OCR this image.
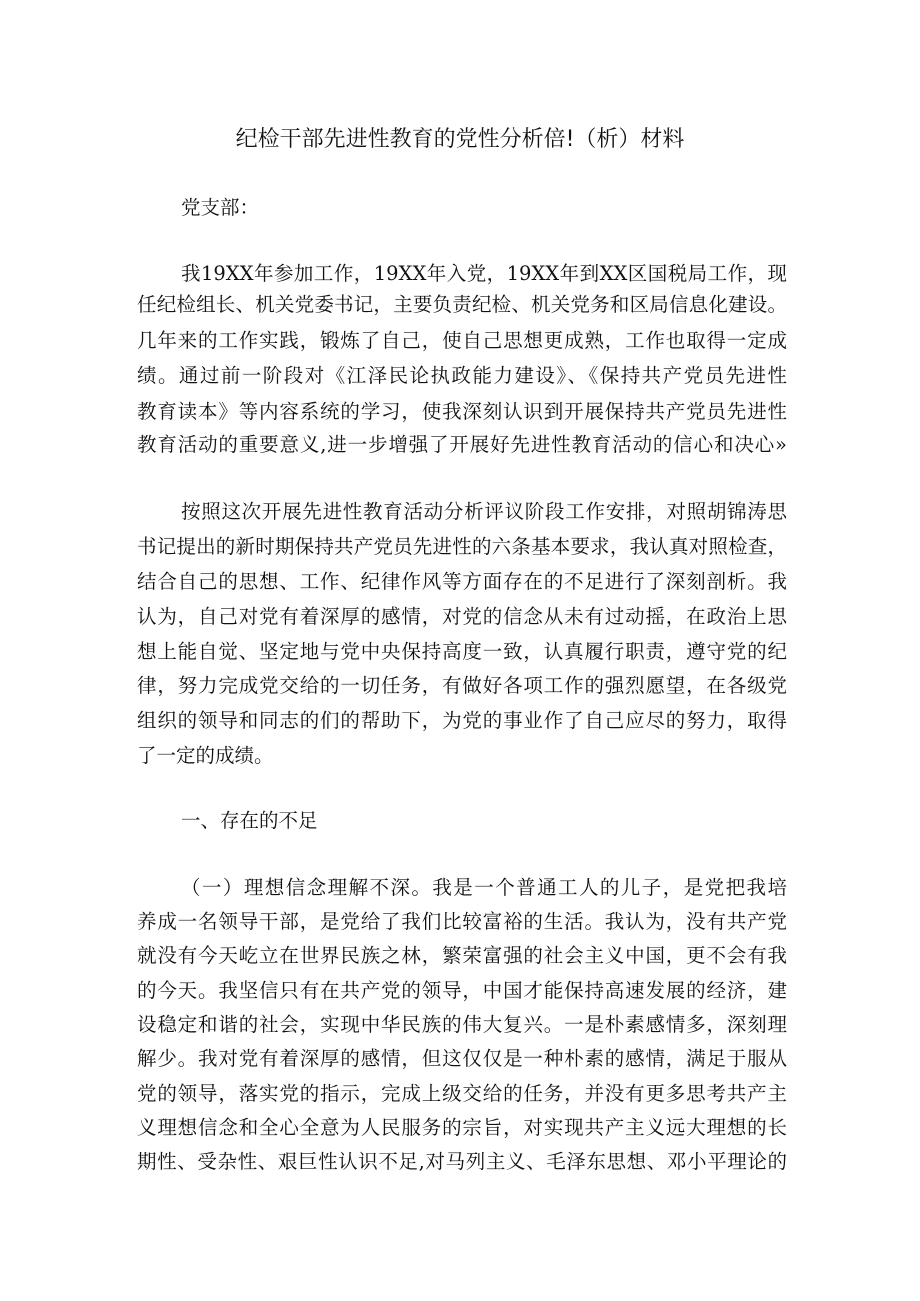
纪检干部先进性教育的党性分析倍!（析）材料
党支部：
我19XX年参加工作，19XX年入党，19XX年到XX区国税局工作，现
任纪检组长、机关党委书记，主要负责纪检、机关党务和区局信息化建设。
几年来的工作实践，锻炼了自己，使自己思想更成熟，工作也取得一定成
绩。通过前一阶段对《江泽民论执政能力建设》、《保持共产党员先进性
教育读本》等内容系统的学习，使我深刻认识到开展保持共产党员先进性
教育活动的重要意义,进一步增强了开展好先进性教育活动的信心和决心»
按照这次开展先进性教育活动分析评议阶段工作安排，对照胡锦涛思
书记提出的新时期保持共产党员先进性的六条基本要求，我认真对照检查，
结合自己的思想、工作、纪律作风等方面存在的不足进行了深刻剖析。我
认为，自己对党有着深厚的感情，对党的信念从未有过动摇，在政治上思
想上能自觉、坚定地与党中央保持高度一致，认真履行职责，遵守党的纪
律，努力完成党交给的一切任务，有做好各项工作的强烈愿望，在各级党
组织的领导和同志的们的帮助下，为党的事业作了自己应尽的努力，取得
了一定的成绩。
一、存在的不足
（一）理想信念理解不深。我是一个普通工人的儿子，是党把我培
养成一名领导干部，是党给了我们比较富裕的生活。我认为，没有共产党
就没有今天屹立在世界民族之林，繁荣富强的社会主义中国，更不会有我
的今天。我坚信只有在共产党的领导，中国才能保持高速发展的经济，建
设稳定和谐的社会，实现中华民族的伟大复兴。一是朴素感情多，深刻理
解少。我对党有着深厚的感情，但这仅仅是一种朴素的感情，满足于服从
党的领导，落实党的指示，完成上级交给的任务，并没有更多思考共产主
义理想信念和全心全意为人民服务的宗旨，对实现共产主义远大理想的长
期性、受杂性、艰巨性认识不足,对马列主义、毛泽东思想、邓小平理论的
